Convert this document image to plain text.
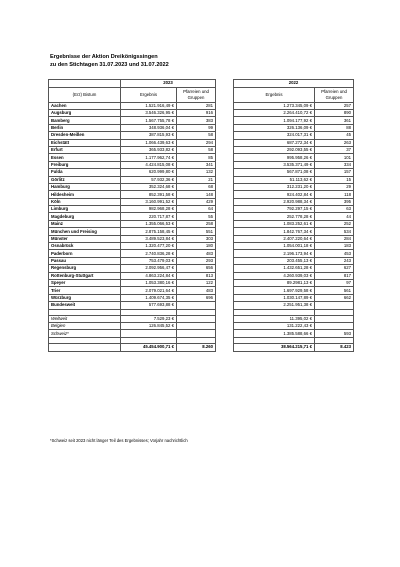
Ergebnisse der Aktion Dreikönigssingen
zu den Stichtagen 31.07.2023 und 31.07.2022
	2023			2022	
(Erz) Bistum	Ergebnis	Pfarreien und Gruppen		Ergebnis	Pfarreien und Gruppen
Aachen	1.521.916,49 €	281		1.273.345,09 €	257
Augsburg	3.546.326,95 €	916		2.264.410,72 €	890
Bamberg	1.567.755,78 €	383		1.094.177,92 €	361
Berlin	348.936,04 €	99		326.136,09 €	88
Dresden-Meißen	387.815,93 €	58		324.017,31 €	45
Eichstätt	1.066.439,63 €	294		687.272,34 €	263
Erfurt	365.933,82 €	58		292.093,55 €	37
Essen	1.177.962,74 €	85		995.958,26 €	101
Freiburg	4.424.815,08 €	341		3.535.371,49 €	334
Fulda	620.999,80 €	132		567.871,08 €	157
Görlitz	57.932,36 €	21		51.113,62 €	15
Hamburg	352.324,68 €	68		312.231,20 €	29
Hildesheim	852.391,58 €	148		924.402,84 €	118
Köln	3.160.991,52 €	429		2.920.988,34 €	395
Limburg	982.968,28 €	64		792.297,15 €	63
Magdeburg	220.717,87 €	55		252.778,28 €	44
Mainz	1.355.066,53 €	258		1.083.252,61 €	252
München und Freising	2.875.158,45 €	551		1.842.767,34 €	534
Münster	3.489.523,84 €	303		2.407.220,64 €	284
Osnabrück	1.320.477,20 €	180		1.054.001,18 €	183
Paderborn	2.740.836,28 €	483		2.196.173,94 €	453
Passau	753.479,03 €	293		203.455,13 €	243
Regensburg	2.092.956,47 €	656		1.432.651,28 €	627
Rottenburg-Stuttgart	4.863.224,84 €	813		4.260.939,03 €	817
Speyer	1.053.380,16 €	122		89.2981,13 €	97
Trier	2.079.021,64 €	483		1.697.929,58 €	561
Würzburg	1.409.674,35 €	696		1.030.147,89 €	662
Bundesweit	577.693,88 €			2.251.951,38 €	

Weltweit	7.529,23 €			11.395,02 €	
Belgien	126.845,52 €			131.222,43 €	
Schweiz*				1.385.588,66 €	593

	45.454.900,71 €	8.260		38.564.215,71 €	8.423
*Schweiz seit 2023 nicht länger Teil des Ergebnisses; Vorjahr nachrichtlich
